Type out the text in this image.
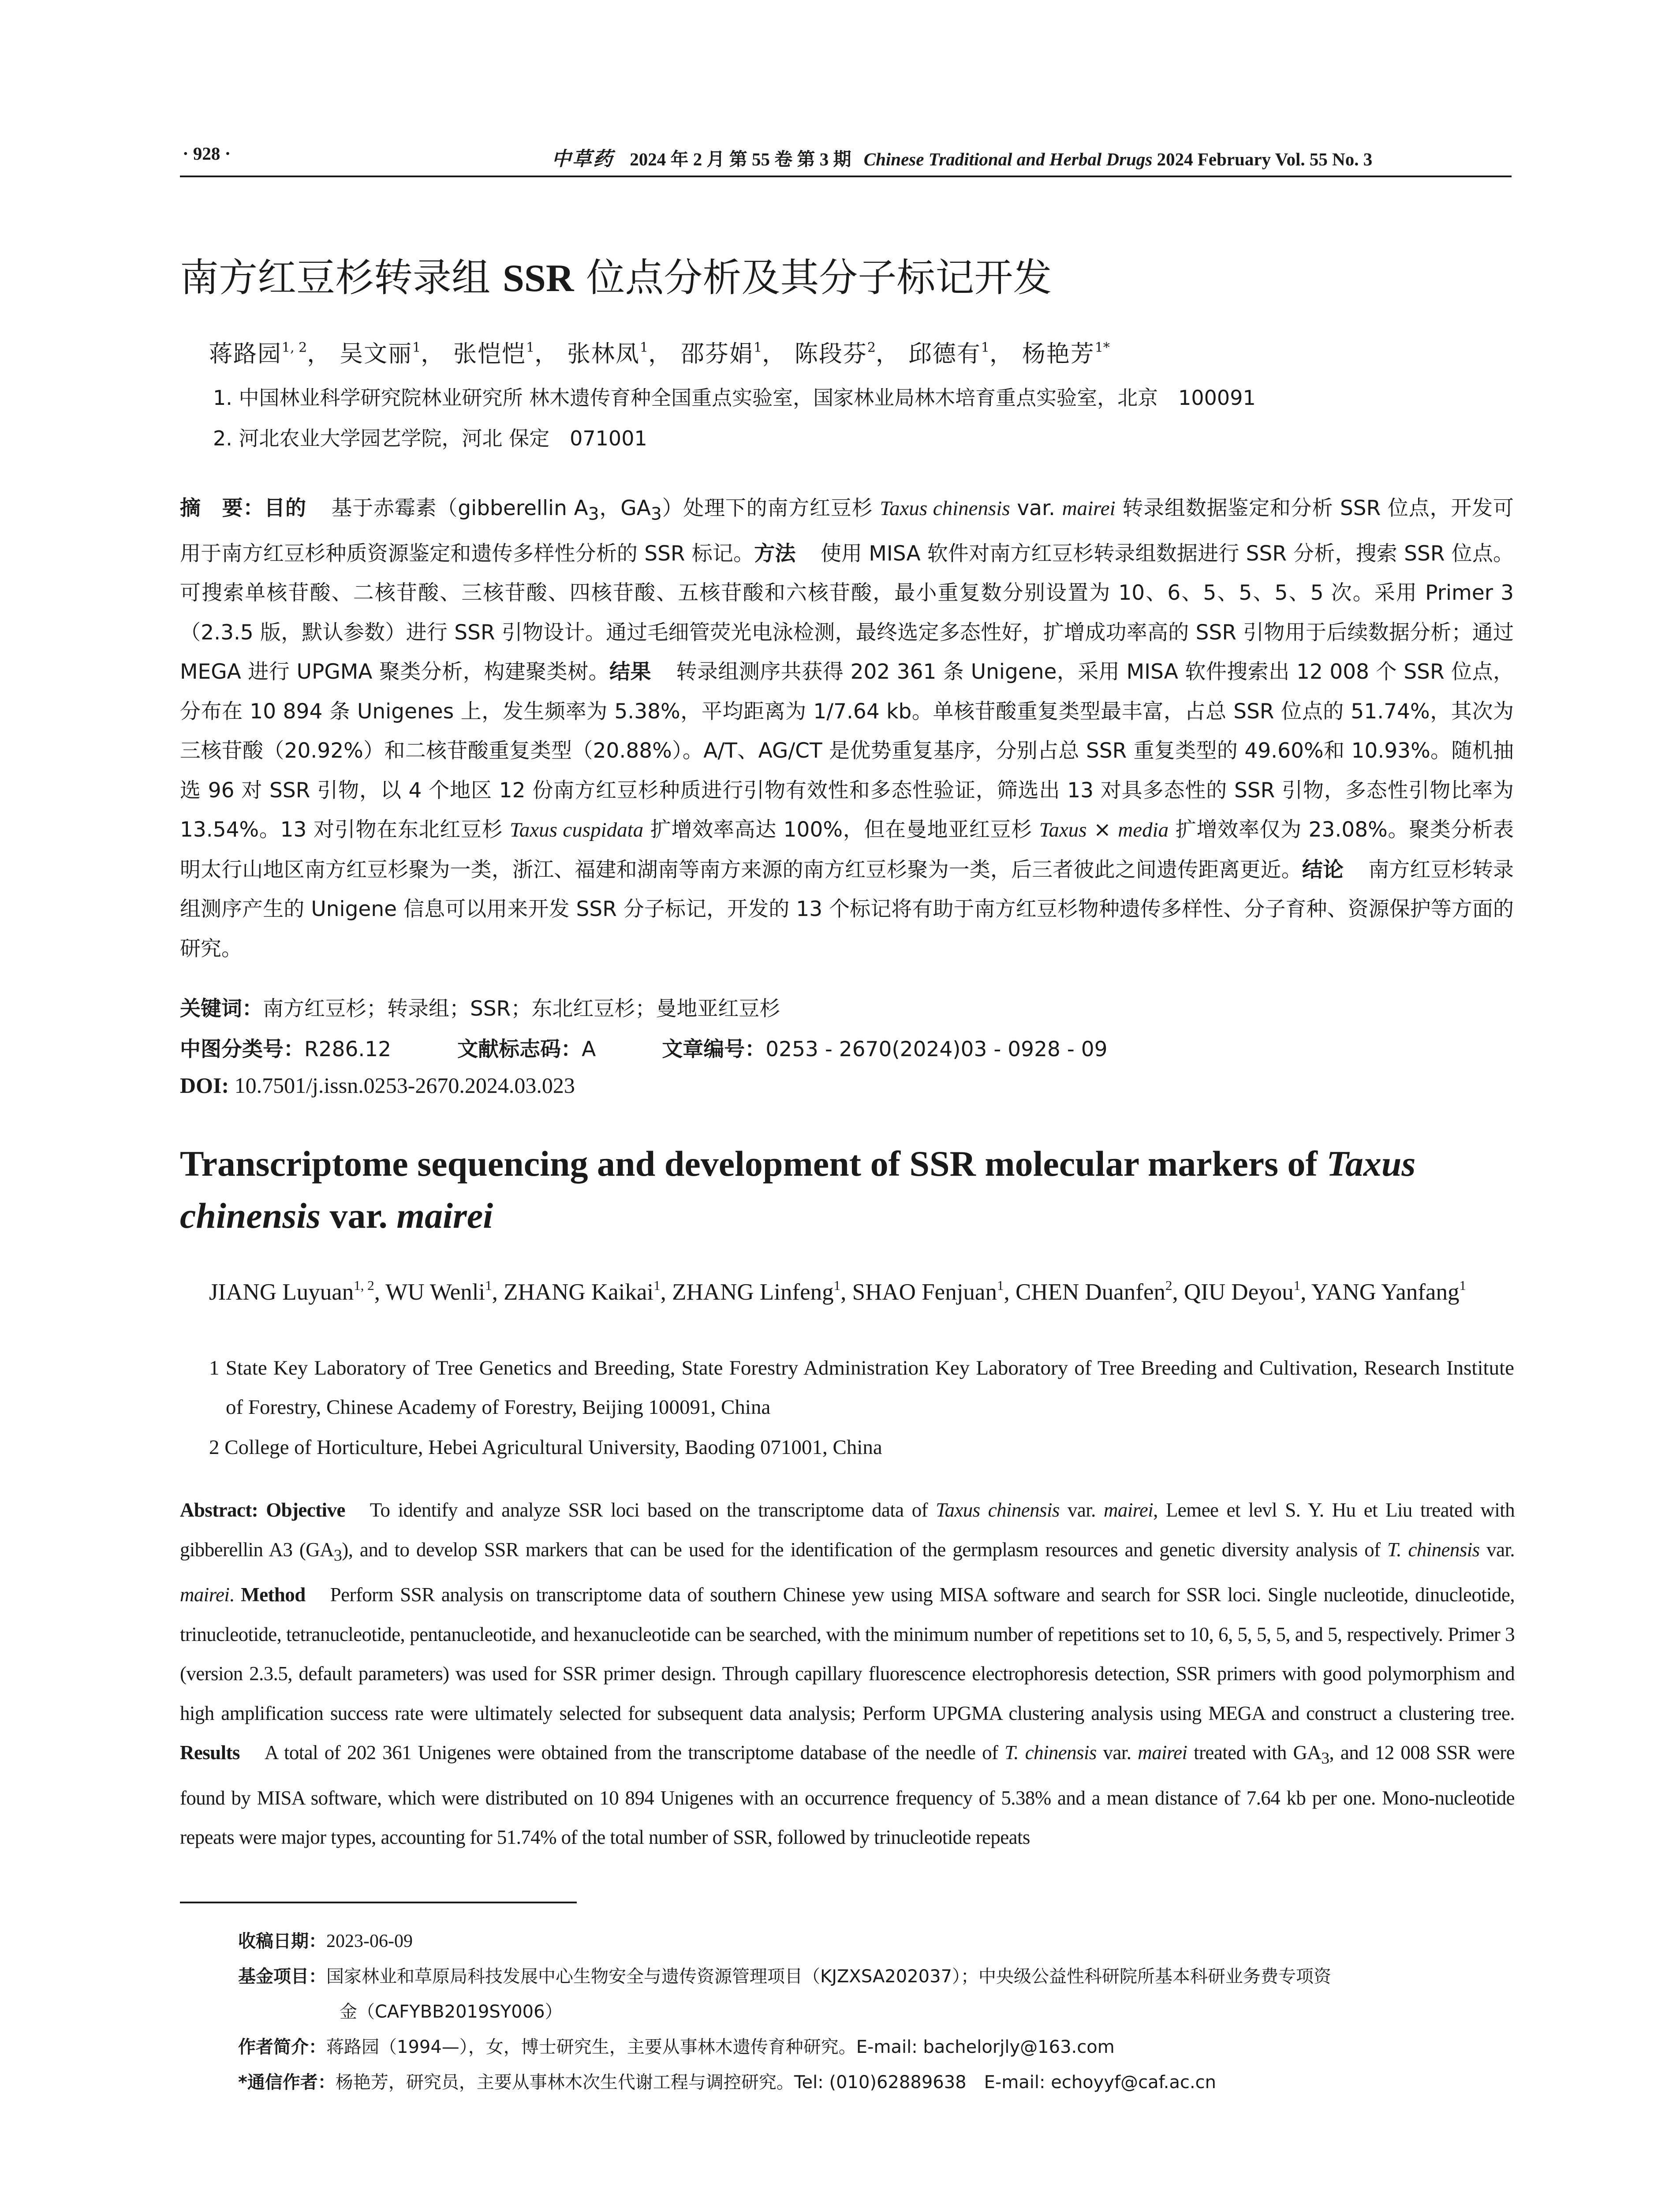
· 928 ·	中草药 2024 年 2 月 第 55 卷 第 3 期 Chinese Traditional and Herbal Drugs 2024 February Vol. 55 No. 3
南方红豆杉转录组 SSR 位点分析及其分子标记开发
蒋路园$^{1, 2}$， 吴文丽$^1$， 张恺恺$^1$， 张林凤$^1$， 邵芬娟$^1$， 陈段芬$^2$， 邱德有$^1$， 杨艳芳$^{1*}$
1. 中国林业科学研究院林业研究所 林木遗传育种全国重点实验室，国家林业局林木培育重点实验室，北京　100091
2. 河北农业大学园艺学院，河北 保定　071001
摘　要：目的 基于赤霉素（gibberellin $A_3$，$GA_3$）处理下的南方红豆杉 Taxus chinensis var. mairei 转录组数据鉴定和分析 SSR 位点，开发可用于南方红豆杉种质资源鉴定和遗传多样性分析的 SSR 标记。方法 使用 MISA 软件对南方红豆杉转录组数据进行 SSR 分析，搜索 SSR 位点。可搜索单核苷酸、二核苷酸、三核苷酸、四核苷酸、五核苷酸和六核苷酸，最小重复数分别设置为 10、6、5、5、5、5 次。采用 Primer 3（2.3.5 版，默认参数）进行 SSR 引物设计。通过毛细管荧光电泳检测，最终选定多态性好，扩增成功率高的 SSR 引物用于后续数据分析；通过 MEGA 进行 UPGMA 聚类分析，构建聚类树。结果 转录组测序共获得 202 361 条 Unigene，采用 MISA 软件搜索出 12 008 个 SSR 位点，分布在 10 894 条 Unigenes 上，发生频率为 5.38%，平均距离为 1/7.64 kb。单核苷酸重复类型最丰富，占总 SSR 位点的 51.74%，其次为三核苷酸（20.92%）和二核苷酸重复类型（20.88%）。A/T、AG/CT 是优势重复基序，分别占总 SSR 重复类型的 49.60%和 10.93%。随机抽选 96 对 SSR 引物，以 4 个地区 12 份南方红豆杉种质进行引物有效性和多态性验证，筛选出 13 对具多态性的 SSR 引物，多态性引物比率为 13.54%。13 对引物在东北红豆杉 Taxus cuspidata 扩增效率高达 100%，但在曼地亚红豆杉 Taxus × media 扩增效率仅为 23.08%。聚类分析表明太行山地区南方红豆杉聚为一类，浙江、福建和湖南等南方来源的南方红豆杉聚为一类，后三者彼此之间遗传距离更近。结论 南方红豆杉转录组测序产生的 Unigene 信息可以用来开发 SSR 分子标记，开发的 13 个标记将有助于南方红豆杉物种遗传多样性、分子育种、资源保护等方面的研究。
关键词：南方红豆杉；转录组；SSR；东北红豆杉；曼地亚红豆杉
中图分类号：R286.12	文献标志码：A	文章编号：0253 - 2670(2024)03 - 0928 - 09
DOI: 10.7501/j.issn.0253-2670.2024.03.023
Transcriptome sequencing and development of SSR molecular markers of Taxus chinensis var. mairei
JIANG Luyuan$^{1, 2}$, WU Wenli$^1$, ZHANG Kaikai$^1$, ZHANG Linfeng$^1$, SHAO Fenjuan$^1$, CHEN Duanfen$^2$, QIU Deyou$^1$, YANG Yanfang$^1$
1 State Key Laboratory of Tree Genetics and Breeding, State Forestry Administration Key Laboratory of Tree Breeding and Cultivation, Research Institute of Forestry, Chinese Academy of Forestry, Beijing 100091, China
2 College of Horticulture, Hebei Agricultural University, Baoding 071001, China
Abstract: Objective To identify and analyze SSR loci based on the transcriptome data of Taxus chinensis var. mairei, Lemee et levl S. Y. Hu et Liu treated with gibberellin A3 $(GA_3)$, and to develop SSR markers that can be used for the identification of the germplasm resources and genetic diversity analysis of T. chinensis var. mairei. Method Perform SSR analysis on transcriptome data of southern Chinese yew using MISA software and search for SSR loci. Single nucleotide, dinucleotide, trinucleotide, tetranucleotide, pentanucleotide, and hexanucleotide can be searched, with the minimum number of repetitions set to 10, 6, 5, 5, 5, and 5, respectively. Primer 3 (version 2.3.5, default parameters) was used for SSR primer design. Through capillary fluorescence electrophoresis detection, SSR primers with good polymorphism and high amplification success rate were ultimately selected for subsequent data analysis; Perform UPGMA clustering analysis using MEGA and construct a clustering tree. Results A total of 202 361 Unigenes were obtained from the transcriptome database of the needle of T. chinensis var. mairei treated with $GA_3$, and 12 008 SSR were found by MISA software, which were distributed on 10 894 Unigenes with an occurrence frequency of 5.38% and a mean distance of 7.64 kb per one. Mono-nucleotide repeats were major types, accounting for 51.74% of the total number of SSR, followed by trinucleotide repeats
收稿日期：2023-06-09
基金项目：国家林业和草原局科技发展中心生物安全与遗传资源管理项目（KJZXSA202037）；中央级公益性科研院所基本科研业务费专项资
金（CAFYBB2019SY006）
作者简介：蒋路园（1994—），女，博士研究生，主要从事林木遗传育种研究。E-mail: bachelorjly@163.com
*通信作者：杨艳芳，研究员，主要从事林木次生代谢工程与调控研究。Tel: (010)62889638　E-mail: echoyyf@caf.ac.cn
